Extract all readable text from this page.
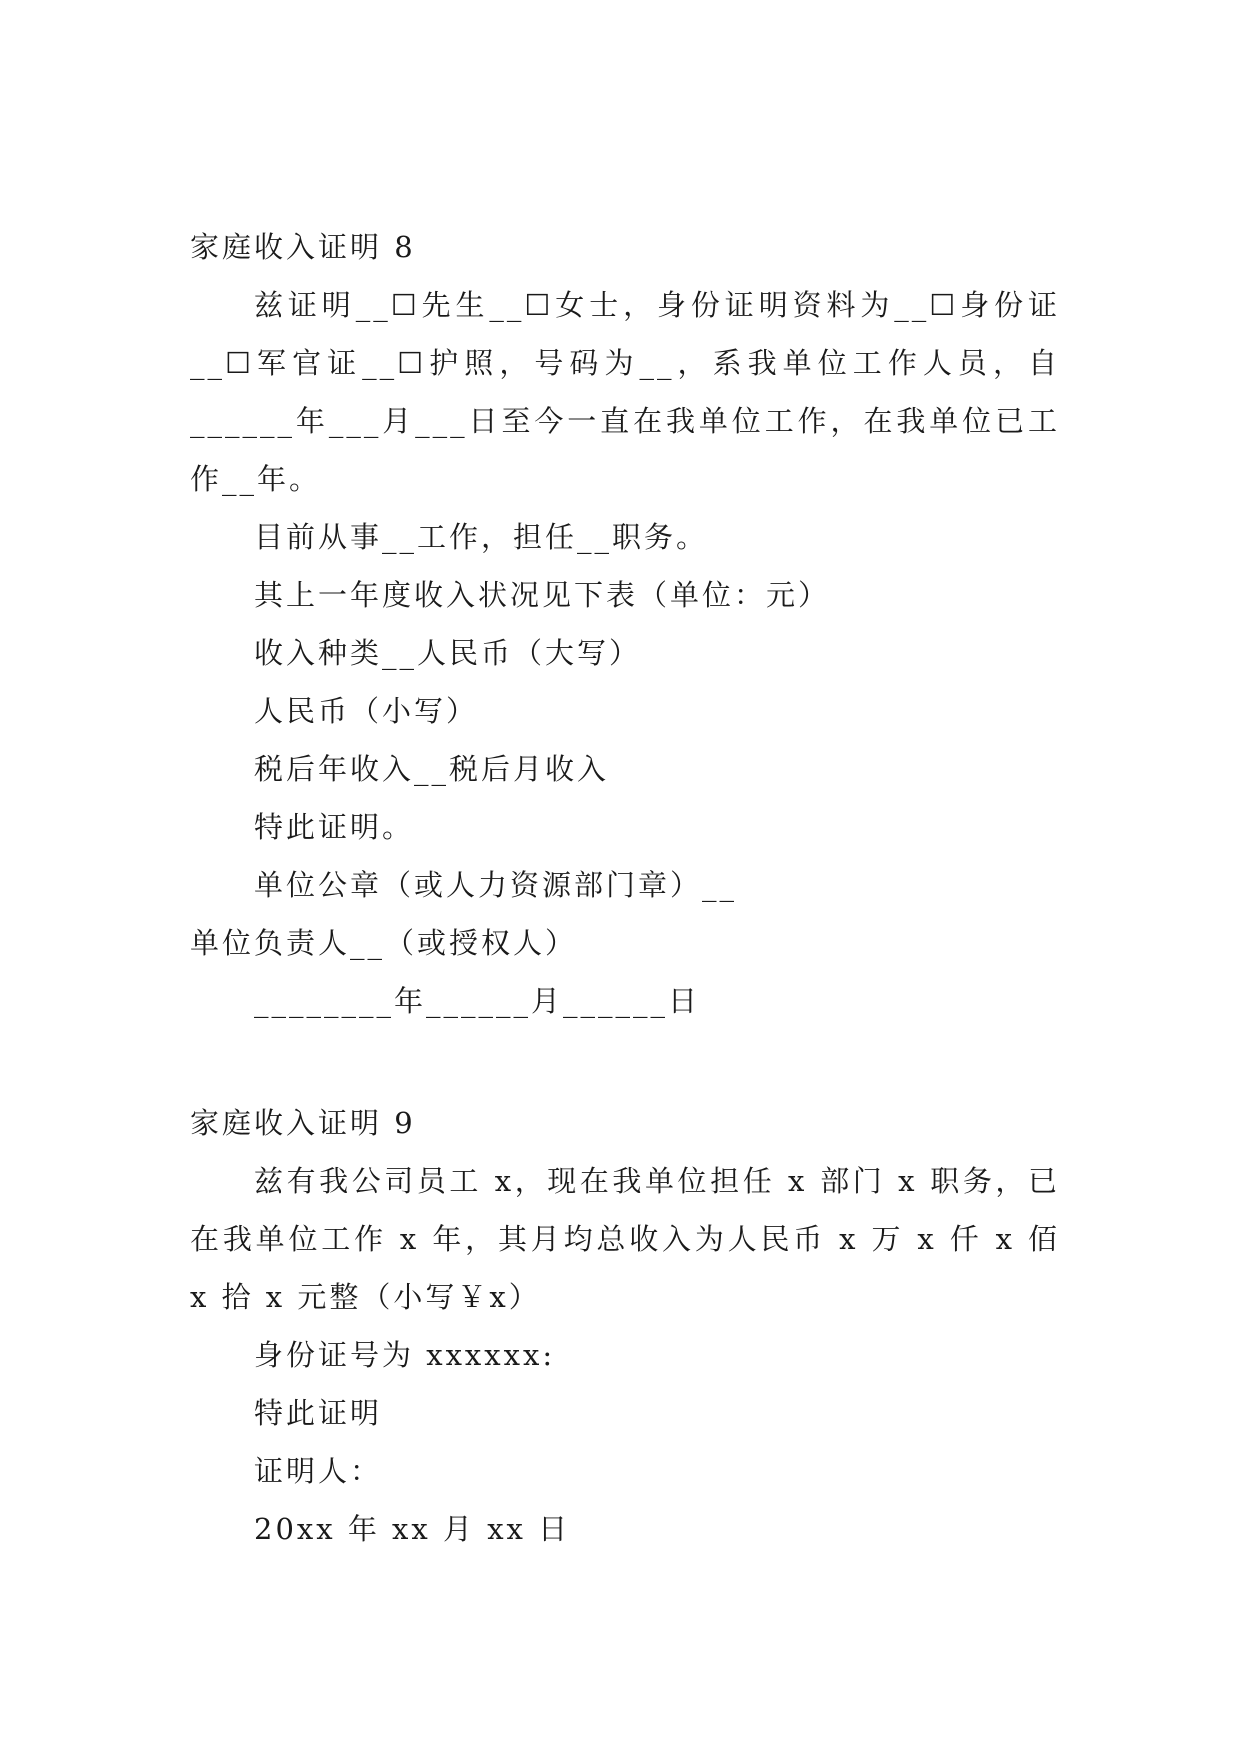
家庭收入证明 8

兹证明__☐先生__☐女士，身份证明资料为__☐身份证__☐军官证__☐护照，号码为__，系我单位工作人员，自______年___月___日至今一直在我单位工作，在我单位已工作__年。

目前从事__工作，担任__职务。

其上一年度收入状况见下表（单位：元）

收入种类__人民币（大写）

人民币（小写）

税后年收入__税后月收入

特此证明。

单位公章（或人力资源部门章）__

单位负责人__（或授权人）

________年______月______日

家庭收入证明 9

兹有我公司员工 x，现在我单位担任 x 部门 x 职务，已在我单位工作 x 年，其月均总收入为人民币 x 万 x 仟 x 佰 x 拾 x 元整（小写￥x）

身份证号为 xxxxxx:

特此证明

证明人：

20xx 年 xx 月 xx 日
